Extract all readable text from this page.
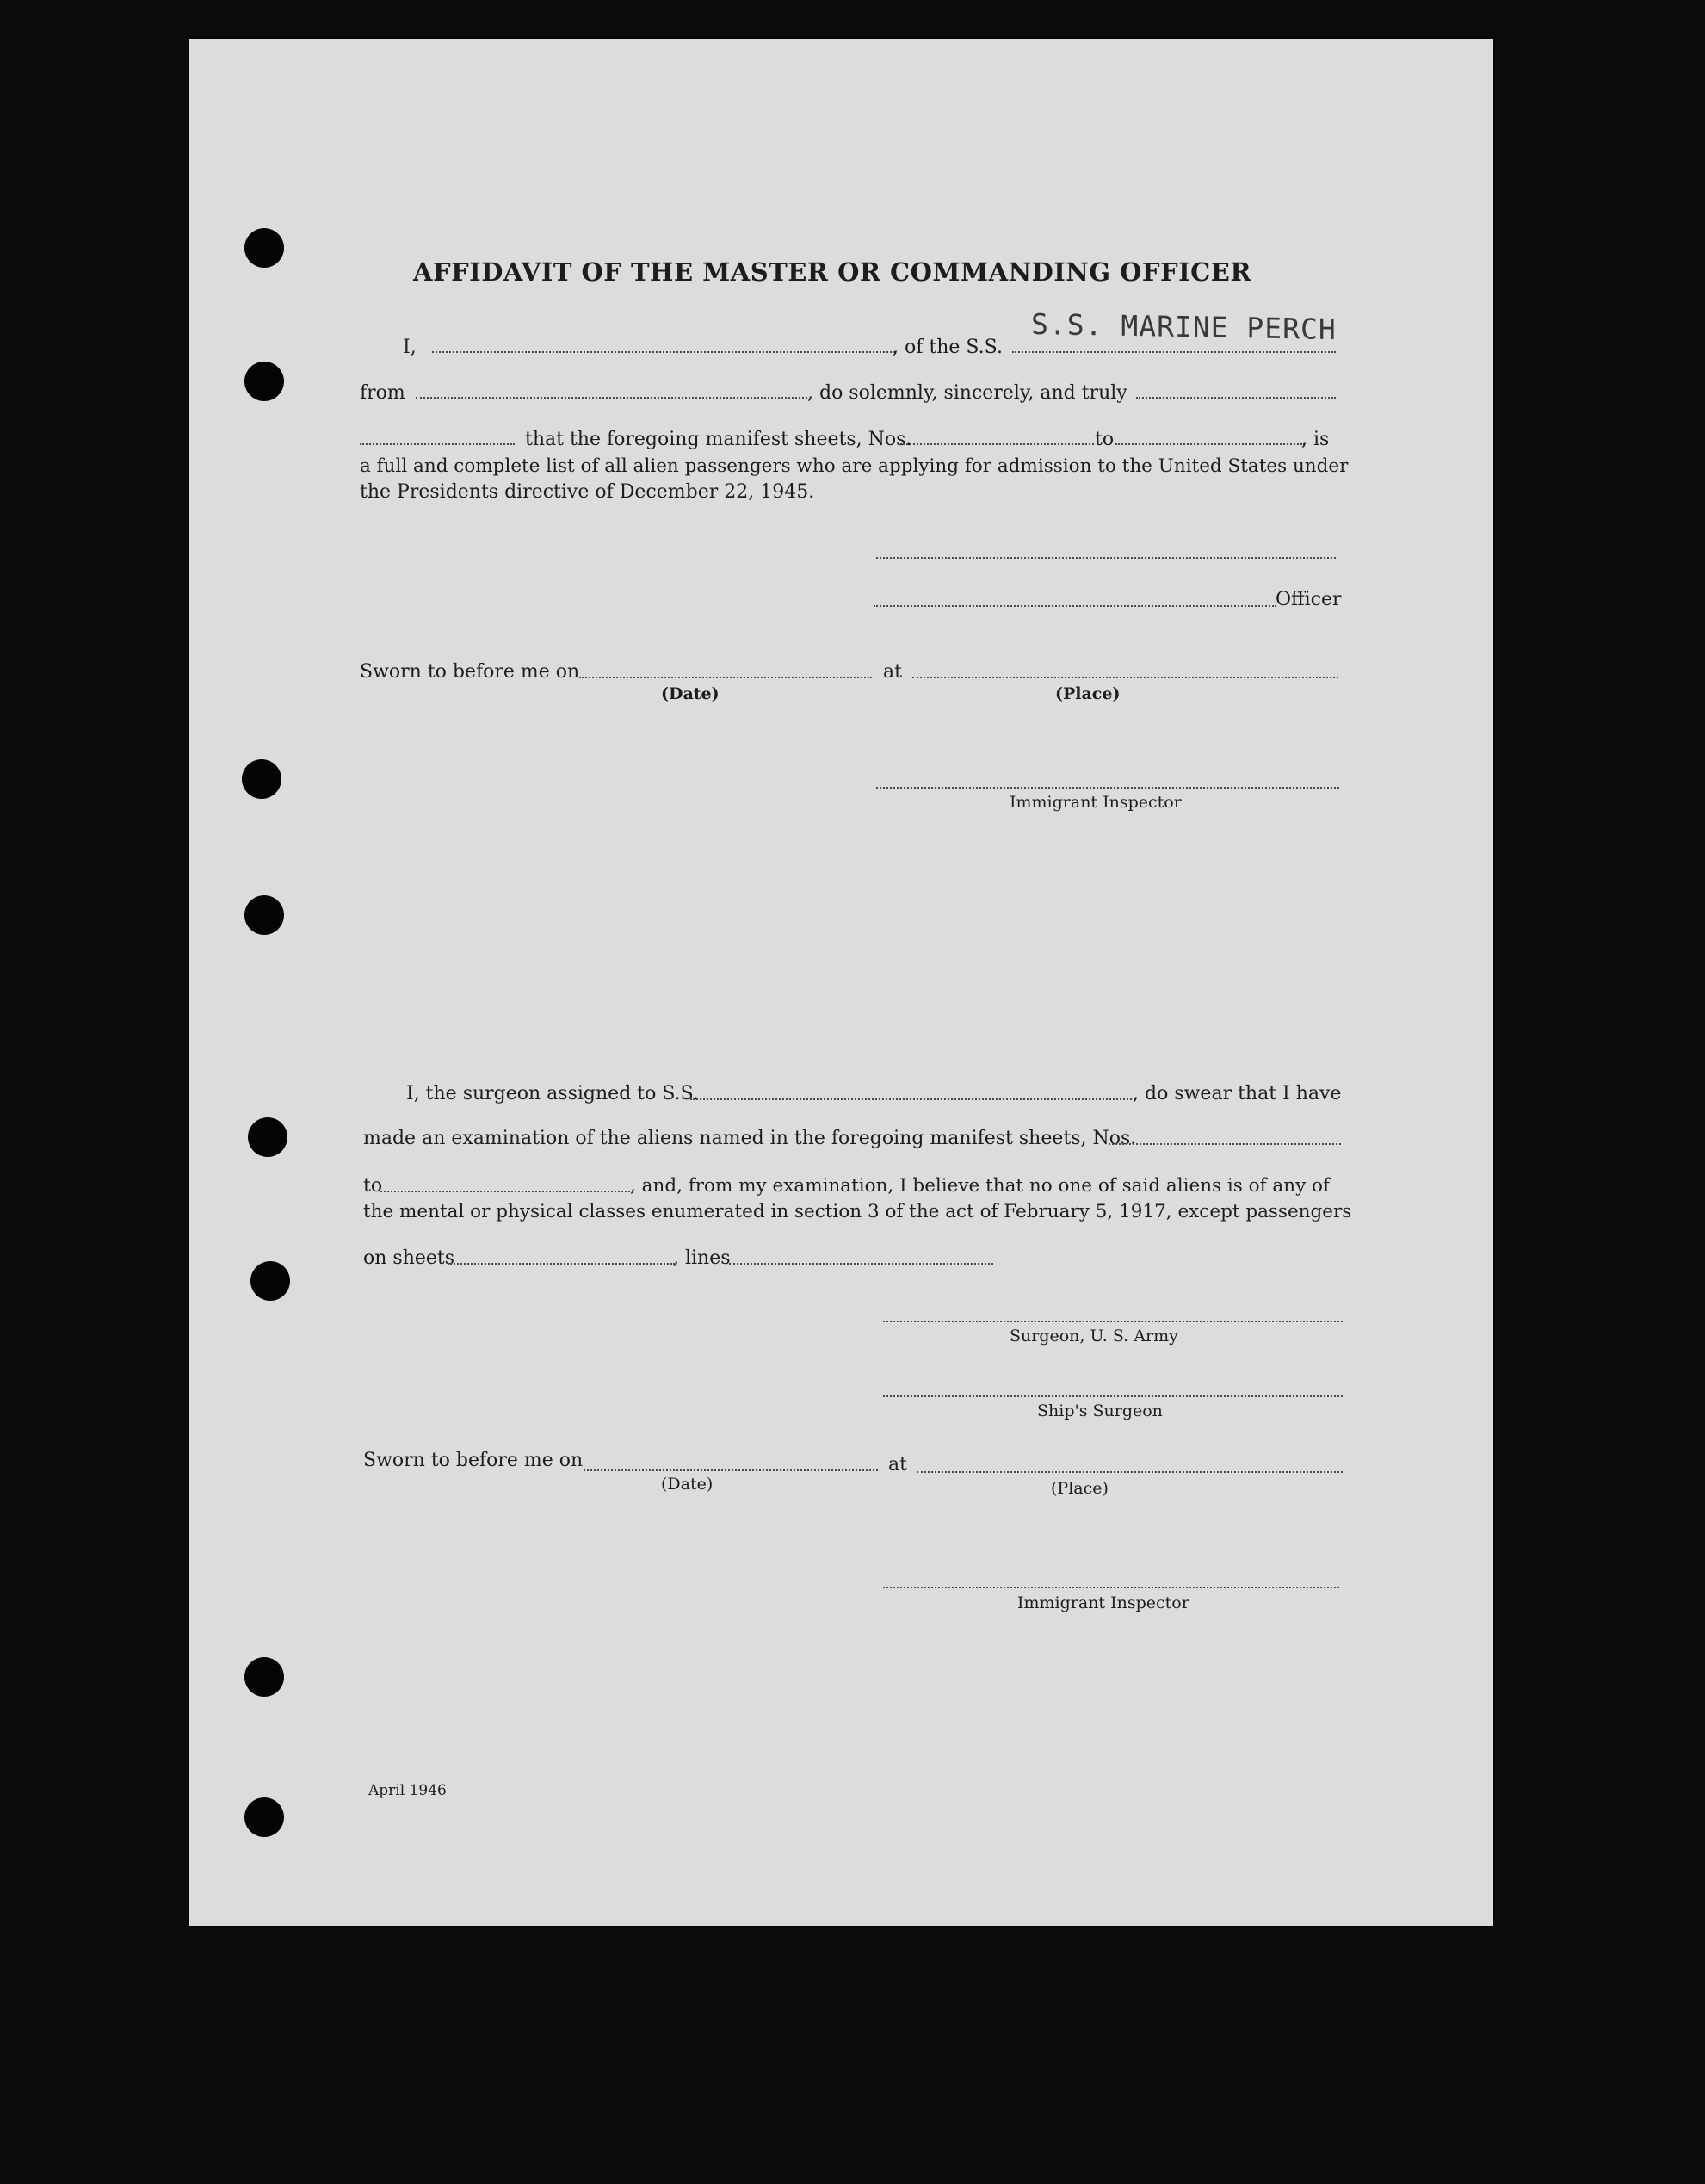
AFFIDAVIT OF THE MASTER OR COMMANDING OFFICER
I,	, of the S.S.
S.S. MARINE PERCH
from	, do solemnly, sincerely, and truly
that the foregoing manifest sheets, Nos.	to	, is
a full and complete list of all alien passengers who are applying for admission to the United States under
the Presidents directive of December 22, 1945.
Officer
Sworn to before me on	at
(Date)	(Place)
Immigrant Inspector
I, the surgeon assigned to S.S.	, do swear that I have
made an examination of the aliens named in the foregoing manifest sheets, Nos.
to	, and, from my examination, I believe that no one of said aliens is of any of
the mental or physical classes enumerated in section 3 of the act of February 5, 1917, except passengers
on sheets	, lines
Surgeon, U. S. Army
Ship's Surgeon
Sworn to before me on	at
(Date)	(Place)
Immigrant Inspector
April 1946
